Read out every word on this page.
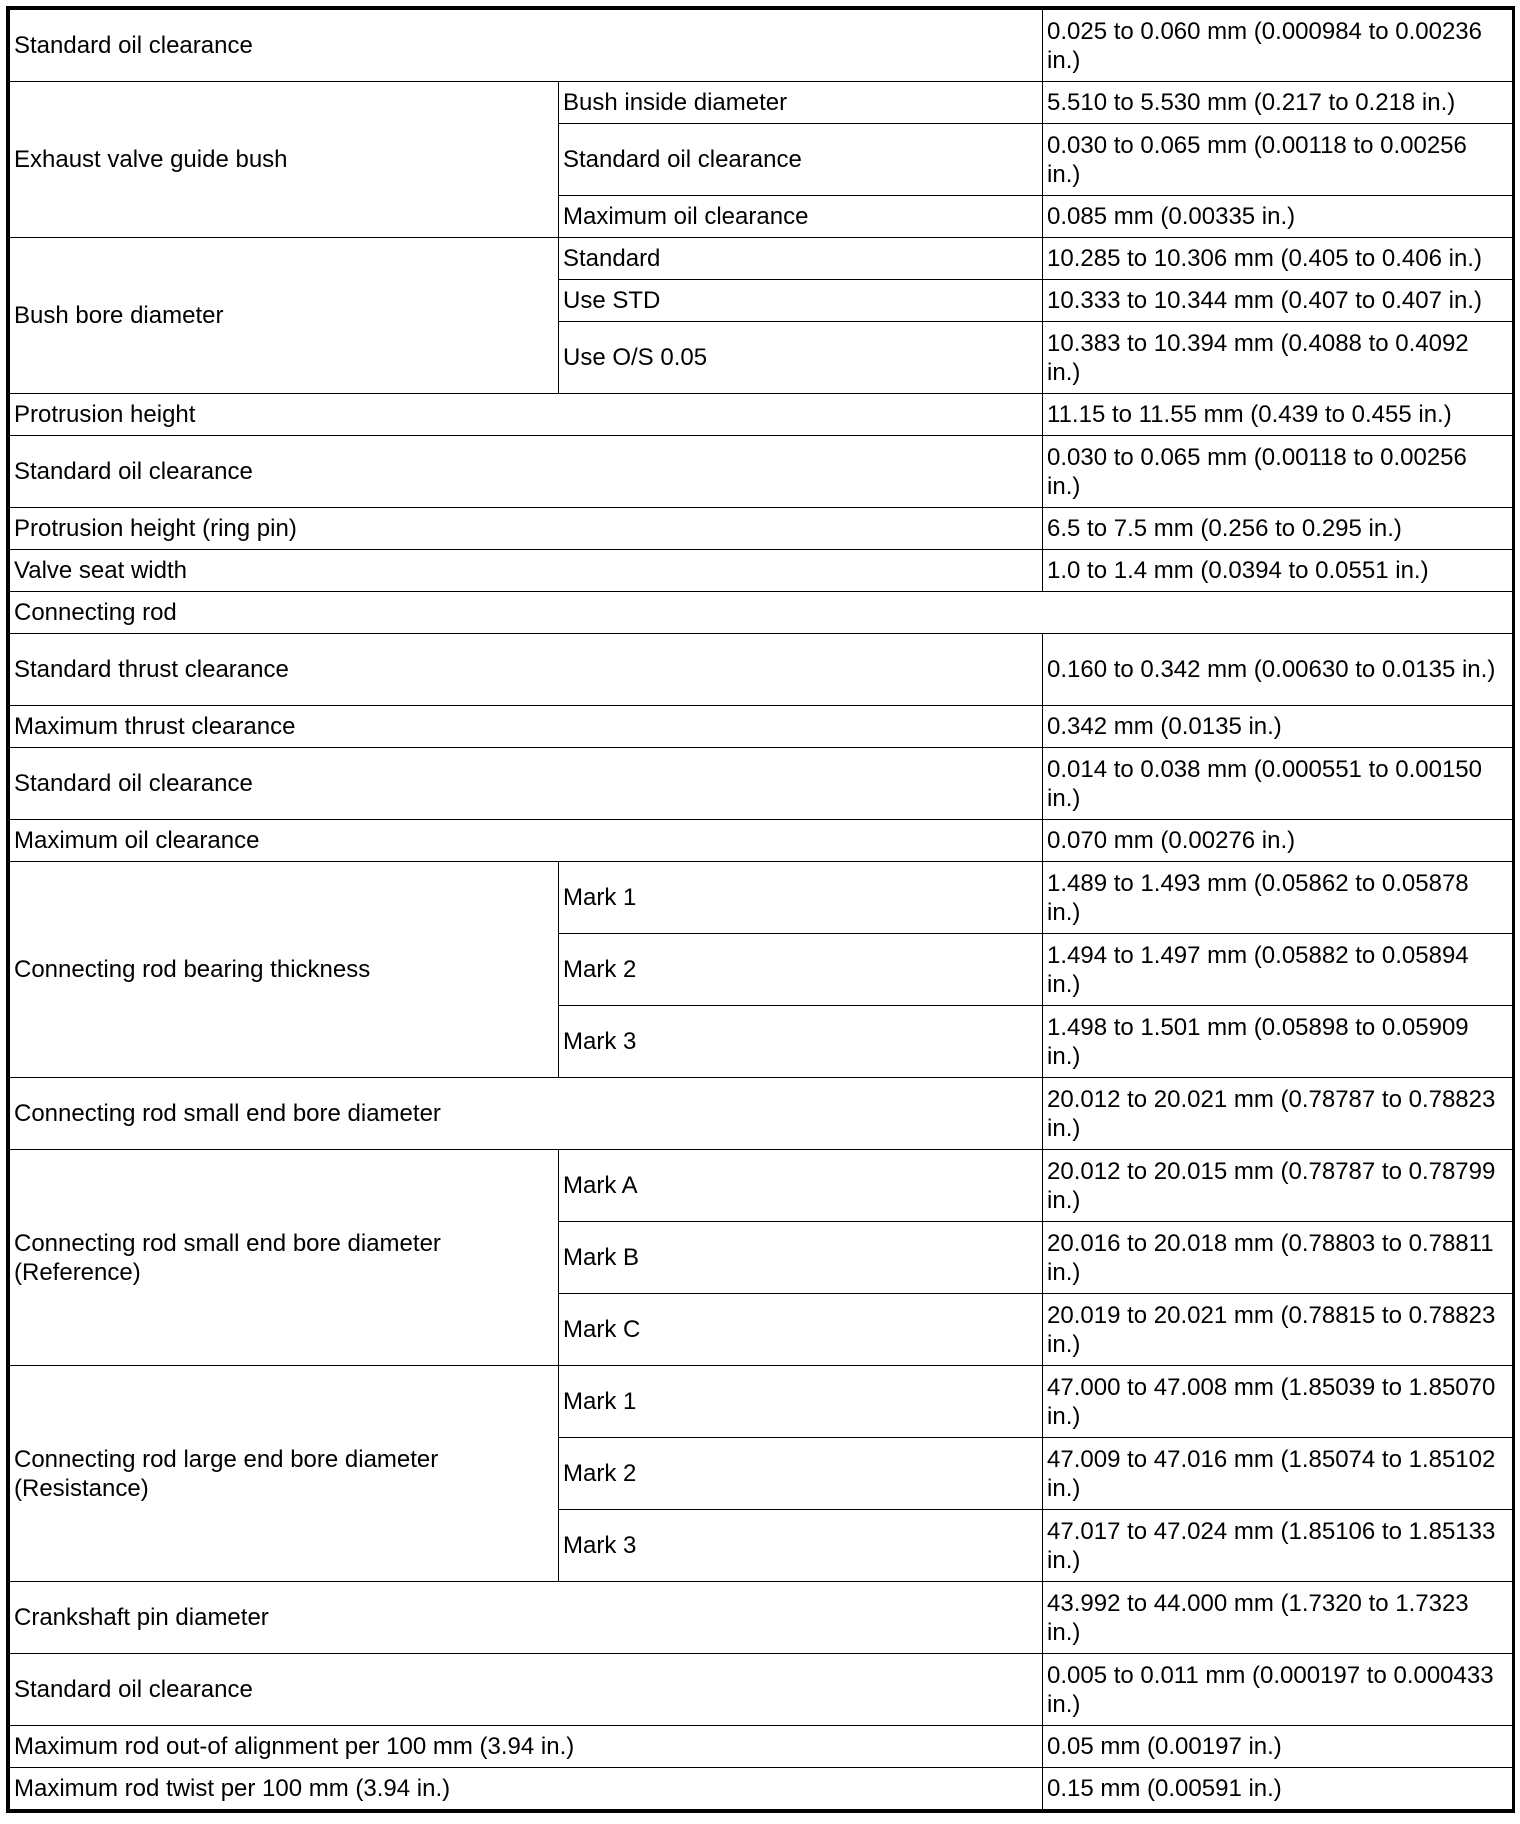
Standard oil clearance		0.025 to 0.060 mm (0.000984 to 0.00236 in.)
Exhaust valve guide bush	Bush inside diameter	5.510 to 5.530 mm (0.217 to 0.218 in.)
	Standard oil clearance	0.030 to 0.065 mm (0.00118 to 0.00256 in.)
	Maximum oil clearance	0.085 mm (0.00335 in.)
Bush bore diameter	Standard	10.285 to 10.306 mm (0.405 to 0.406 in.)
	Use STD	10.333 to 10.344 mm (0.407 to 0.407 in.)
	Use O/S 0.05	10.383 to 10.394 mm (0.4088 to 0.4092 in.)
Protrusion height		11.15 to 11.55 mm (0.439 to 0.455 in.)
Standard oil clearance		0.030 to 0.065 mm (0.00118 to 0.00256 in.)
Protrusion height (ring pin)		6.5 to 7.5 mm (0.256 to 0.295 in.)
Valve seat width		1.0 to 1.4 mm (0.0394 to 0.0551 in.)
Connecting rod		
Standard thrust clearance		0.160 to 0.342 mm (0.00630 to 0.0135 in.)
Maximum thrust clearance		0.342 mm (0.0135 in.)
Standard oil clearance		0.014 to 0.038 mm (0.000551 to 0.00150 in.)
Maximum oil clearance		0.070 mm (0.00276 in.)
Connecting rod bearing thickness	Mark 1	1.489 to 1.493 mm (0.05862 to 0.05878 in.)
	Mark 2	1.494 to 1.497 mm (0.05882 to 0.05894 in.)
	Mark 3	1.498 to 1.501 mm (0.05898 to 0.05909 in.)
Connecting rod small end bore diameter		20.012 to 20.021 mm (0.78787 to 0.78823 in.)
Connecting rod small end bore diameter (Reference)	Mark A	20.012 to 20.015 mm (0.78787 to 0.78799 in.)
	Mark B	20.016 to 20.018 mm (0.78803 to 0.78811 in.)
	Mark C	20.019 to 20.021 mm (0.78815 to 0.78823 in.)
Connecting rod large end bore diameter (Resistance)	Mark 1	47.000 to 47.008 mm (1.85039 to 1.85070 in.)
	Mark 2	47.009 to 47.016 mm (1.85074 to 1.85102 in.)
	Mark 3	47.017 to 47.024 mm (1.85106 to 1.85133 in.)
Crankshaft pin diameter		43.992 to 44.000 mm (1.7320 to 1.7323 in.)
Standard oil clearance		0.005 to 0.011 mm (0.000197 to 0.000433 in.)
Maximum rod out-of alignment per 100 mm (3.94 in.)		0.05 mm (0.00197 in.)
Maximum rod twist per 100 mm (3.94 in.)		0.15 mm (0.00591 in.)
